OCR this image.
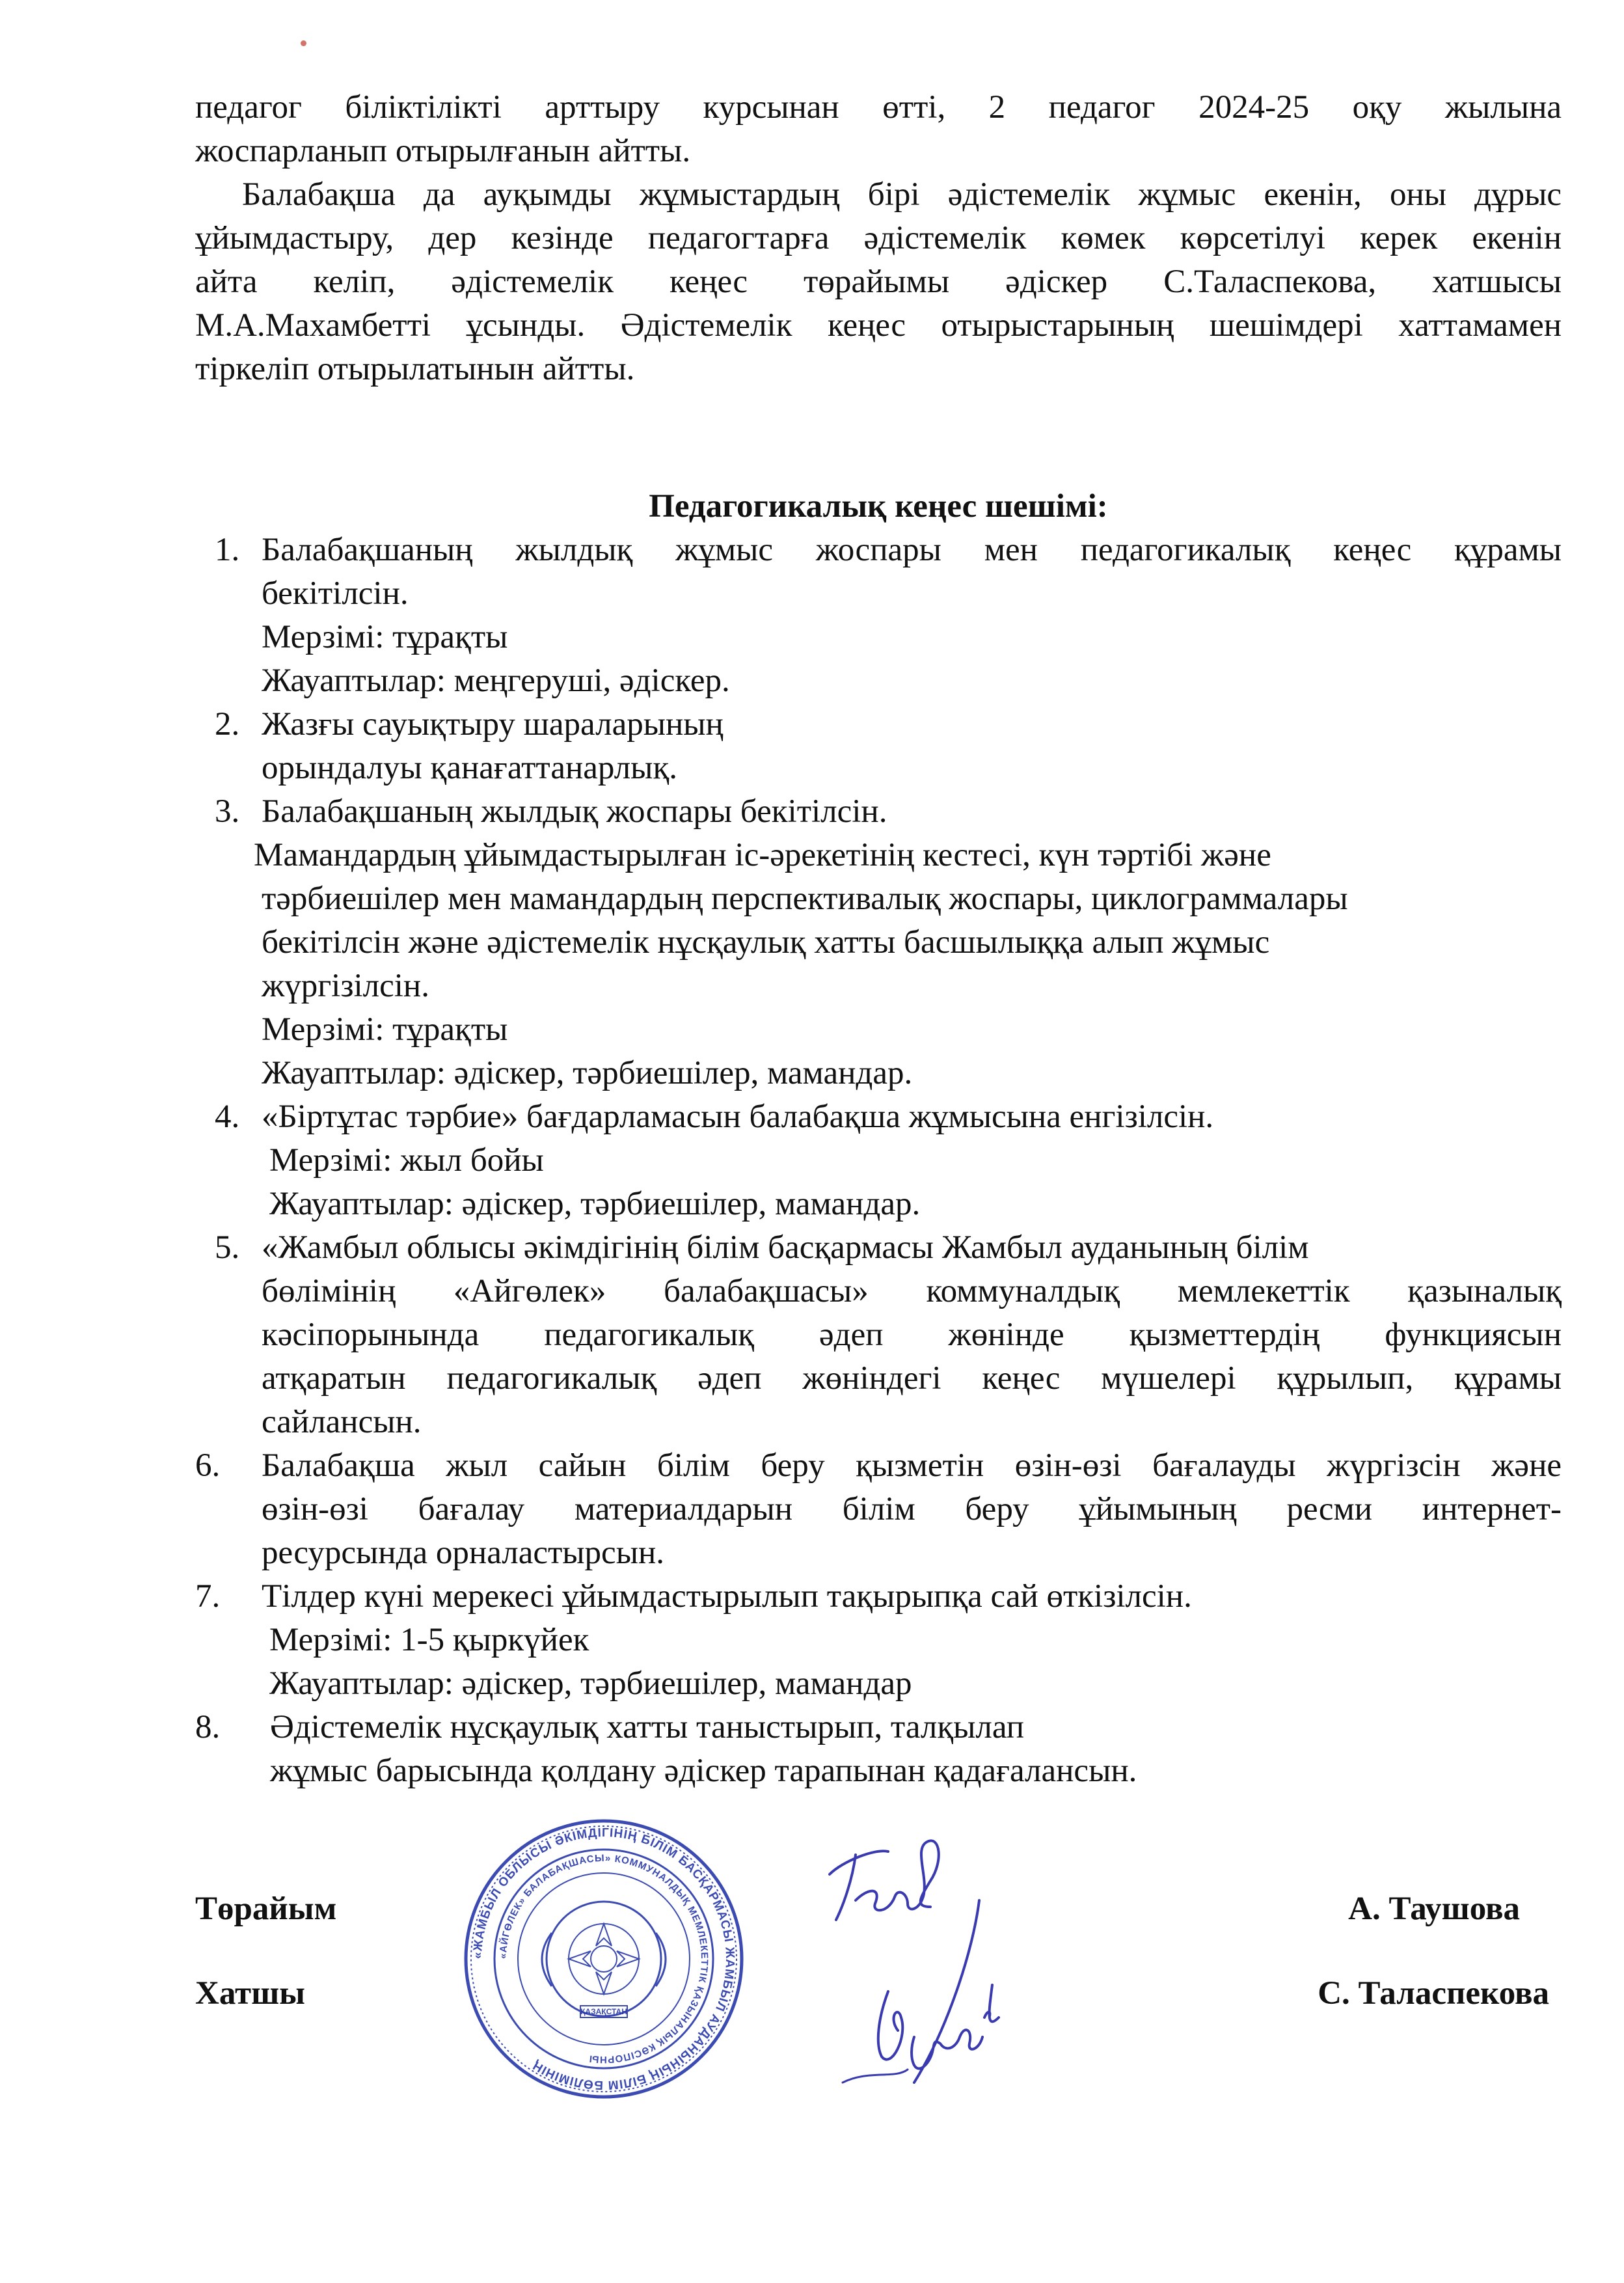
педагог біліктілікті арттыру курсынан өтті, 2 педагог 2024-25 оқу жылына
жоспарланып отырылғанын айтты.
Балабақша да ауқымды жұмыстардың бірі әдістемелік жұмыс екенін, оны дұрыс
ұйымдастыру, дер кезінде педагогтарға әдістемелік көмек көрсетілуі керек екенін
айта келіп, әдістемелік кеңес төрайымы әдіскер С.Таласпекова, хатшысы
М.А.Махамбетті ұсынды. Әдістемелік кеңес отырыстарының шешімдері хаттамамен
тіркеліп отырылатынын айтты.
Педагогикалық кеңес шешімі:
1. Балабақшаның жылдық жұмыс жоспары мен педагогикалық кеңес құрамы
бекітілсін.
Мерзімі: тұрақты
Жауаптылар: меңгеруші, әдіскер.
2. Жазғы сауықтыру шараларының
орындалуы қанағаттанарлық.
3. Балабақшаның жылдық жоспары бекітілсін.
Мамандардың ұйымдастырылған іс-әрекетінің кестесі, күн тәртібі және
тәрбиешілер мен мамандардың перспективалық жоспары, циклограммалары
бекітілсін және әдістемелік нұсқаулық хатты басшылыққа алып жұмыс
жүргізілсін.
Мерзімі: тұрақты
Жауаптылар: әдіскер, тәрбиешілер, мамандар.
4. «Біртұтас тәрбие» бағдарламасын балабақша жұмысына енгізілсін.
Мерзімі: жыл бойы
Жауаптылар: әдіскер, тәрбиешілер, мамандар.
5. «Жамбыл облысы әкімдігінің білім басқармасы Жамбыл ауданының білім
бөлімінің «Айгөлек» балабақшасы» коммуналдық мемлекеттік қазыналық
кәсіпорынында педагогикалық әдеп жөнінде қызметтердің функциясын
атқаратын педагогикалық әдеп жөніндегі кеңес мүшелері құрылып, құрамы
сайлансын.
6. Балабақша жыл сайын білім беру қызметін өзін-өзі бағалауды жүргізсін және
өзін-өзі бағалау материалдарын білім беру ұйымының ресми интернет-
ресурсында орналастырсын.
7. Тілдер күні мерекесі ұйымдастырылып тақырыпқа сай өткізілсін.
Мерзімі: 1-5 қыркүйек
Жауаптылар: әдіскер, тәрбиешілер, мамандар
8. Әдістемелік нұсқаулық хатты таныстырып, талқылап
жұмыс барысында қолдану әдіскер тарапынан қадағалансын.
Төрайым	А. Таушова
Хатшы	С. Таласпекова
«ЖАМБЫЛ ОБЛЫСЫ ӘКІМДІГІНІҢ БІЛІМ БАСҚАРМАСЫ ЖАМБЫЛ АУДАНЫНЫҢ БІЛІМ БӨЛІМІНІҢ
«АЙГӨЛЕК» БАЛАБАҚШАСЫ» КОММУНАЛДЫҚ МЕМЛЕКЕТТІК ҚАЗЫНАЛЫҚ КӘСІПОРНЫ
ҚАЗАҚСТАН
